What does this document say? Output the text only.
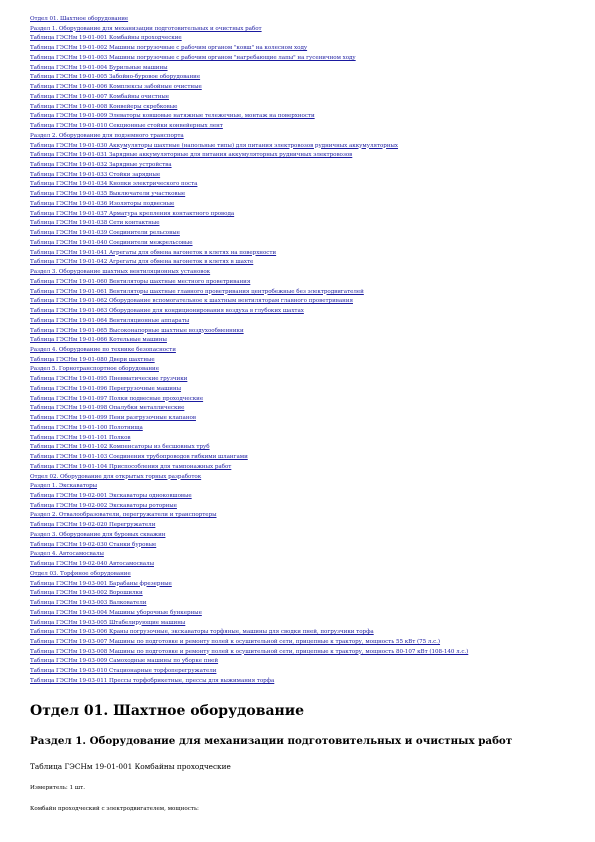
Отдел 01. Шахтное оборудование
Раздел 1. Оборудование для механизации подготовительных и очистных работ
Таблица ГЭСНм 19-01-001 Комбайны проходческие
Таблица ГЭСНм 19-01-002 Машины погрузочные с рабочим органом "ковш" на колесном ходу
Таблица ГЭСНм 19-01-003 Машины погрузочные с рабочим органом "нагребающие лапы" на гусеничном ходу
Таблица ГЭСНм 19-01-004 Бурильные машины
Таблица ГЭСНм 19-01-005 Забойно-буровое оборудование
Таблица ГЭСНм 19-01-006 Комплексы забойные очистные
Таблица ГЭСНм 19-01-007 Комбайны очистные
Таблица ГЭСНм 19-01-008 Конвейеры скребковые
Таблица ГЭСНм 19-01-009 Элеваторы ковшовые натяжные тележечные, монтаж на поверхности
Таблица ГЭСНм 19-01-010 Секционные стойки конвейерных лент
Раздел 2. Оборудование для подземного транспорта
Таблица ГЭСНм 19-01-030 Аккумуляторы шахтные (напольные типы) для питания электровозов рудничных аккумуляторных
Таблица ГЭСНм 19-01-031 Зарядные аккумуляторные для питания аккумуляторных рудничных электровозов
Таблица ГЭСНм 19-01-032 Зарядные устройства
Таблица ГЭСНм 19-01-033 Стойки зарядные
Таблица ГЭСНм 19-01-034 Кнопки электрического поста
Таблица ГЭСНм 19-01-035 Выключатели участковые
Таблица ГЭСНм 19-01-036 Изоляторы подвесные
Таблица ГЭСНм 19-01-037 Арматура крепления контактного провода
Таблица ГЭСНм 19-01-038 Сети контактные
Таблица ГЭСНм 19-01-039 Соединители рельсовые
Таблица ГЭСНм 19-01-040 Соединители межрельсовые
Таблица ГЭСНм 19-01-041 Агрегаты для обмена вагонеток в клетях на поверхности
Таблица ГЭСНм 19-01-042 Агрегаты для обмена вагонеток в клетях в шахте
Раздел 3. Оборудование шахтных вентиляционных установок
Таблица ГЭСНм 19-01-060 Вентиляторы шахтные местного проветривания
Таблица ГЭСНм 19-01-061 Вентиляторы шахтные главного проветривания центробежные без электродвигателей
Таблица ГЭСНм 19-01-062 Оборудование вспомогательное к шахтным вентиляторам главного проветривания
Таблица ГЭСНм 19-01-063 Оборудование для кондиционирования воздуха в глубоких шахтах
Таблица ГЭСНм 19-01-064 Вентиляционные аппараты
Таблица ГЭСНм 19-01-065 Высоконапорные шахтные воздухообменники
Таблица ГЭСНм 19-01-066 Котельные машины
Раздел 4. Оборудование по технике безопасности
Таблица ГЭСНм 19-01-080 Двери шахтные
Раздел 5. Горнотранспортное оборудование
Таблица ГЭСНм 19-01-095 Пневматические грузчики
Таблица ГЭСНм 19-01-096 Перегрузочные машины
Таблица ГЭСНм 19-01-097 Полки подвесные проходческие
Таблица ГЭСНм 19-01-098 Опалубки металлические
Таблица ГЭСНм 19-01-099 Пени разгрузочные клапанов
Таблица ГЭСНм 19-01-100 Полотнища
Таблица ГЭСНм 19-01-101 Полков
Таблица ГЭСНм 19-01-102 Компенсаторы из бесшовных труб
Таблица ГЭСНм 19-01-103 Соединения трубопроводов гибкими шлангами
Таблица ГЭСНм 19-01-104 Приспособления для тампонажных работ
Отдел 02. Оборудование для открытых горных разработок
Раздел 1. Экскаваторы
Таблица ГЭСНм 19-02-001 Экскаваторы одноковшовые
Таблица ГЭСНм 19-02-002 Экскаваторы роторные
Раздел 2. Отвалообразователи, перегружатели и транспортеры
Таблица ГЭСНм 19-02-020 Перегружатели
Раздел 3. Оборудование для буровых скважин
Таблица ГЭСНм 19-02-030 Станки буровые
Раздел 4. Автосамосвалы
Таблица ГЭСНм 19-02-040 Автосамосвалы
Отдел 03. Торфяное оборудование
Таблица ГЭСНм 19-03-001 Барабаны фрезерные
Таблица ГЭСНм 19-03-002 Ворошилки
Таблица ГЭСНм 19-03-003 Валкователи
Таблица ГЭСНм 19-03-004 Машины уборочные бункерные
Таблица ГЭСНм 19-03-005 Штабелирующие машины
Таблица ГЭСНм 19-03-006 Краны погрузочные, экскаваторы торфяные, машины для сводки пней, погрузчики торфа
Таблица ГЭСНм 19-03-007 Машины по подготовке и ремонту полей к осушительной сети, прицепные к трактору, мощность 55 кВт (75 л.с.)
Таблица ГЭСНм 19-03-008 Машины по подготовке и ремонту полей к осушительной сети, прицепные к трактору, мощность 80-107 кВт (108-140 л.с.)
Таблица ГЭСНм 19-03-009 Самоходные машины по уборке пней
Таблица ГЭСНм 19-03-010 Стационарные торфоперегружатели
Таблица ГЭСНм 19-03-011 Прессы торфобрикетные, прессы для выжимания торфа
Отдел 01. Шахтное оборудование
Раздел 1. Оборудование для механизации подготовительных и очистных работ
Таблица ГЭСНм 19-01-001 Комбайны проходческие
Измеритель: 1 шт.
Комбайн проходческий с электродвигателем, мощность:
